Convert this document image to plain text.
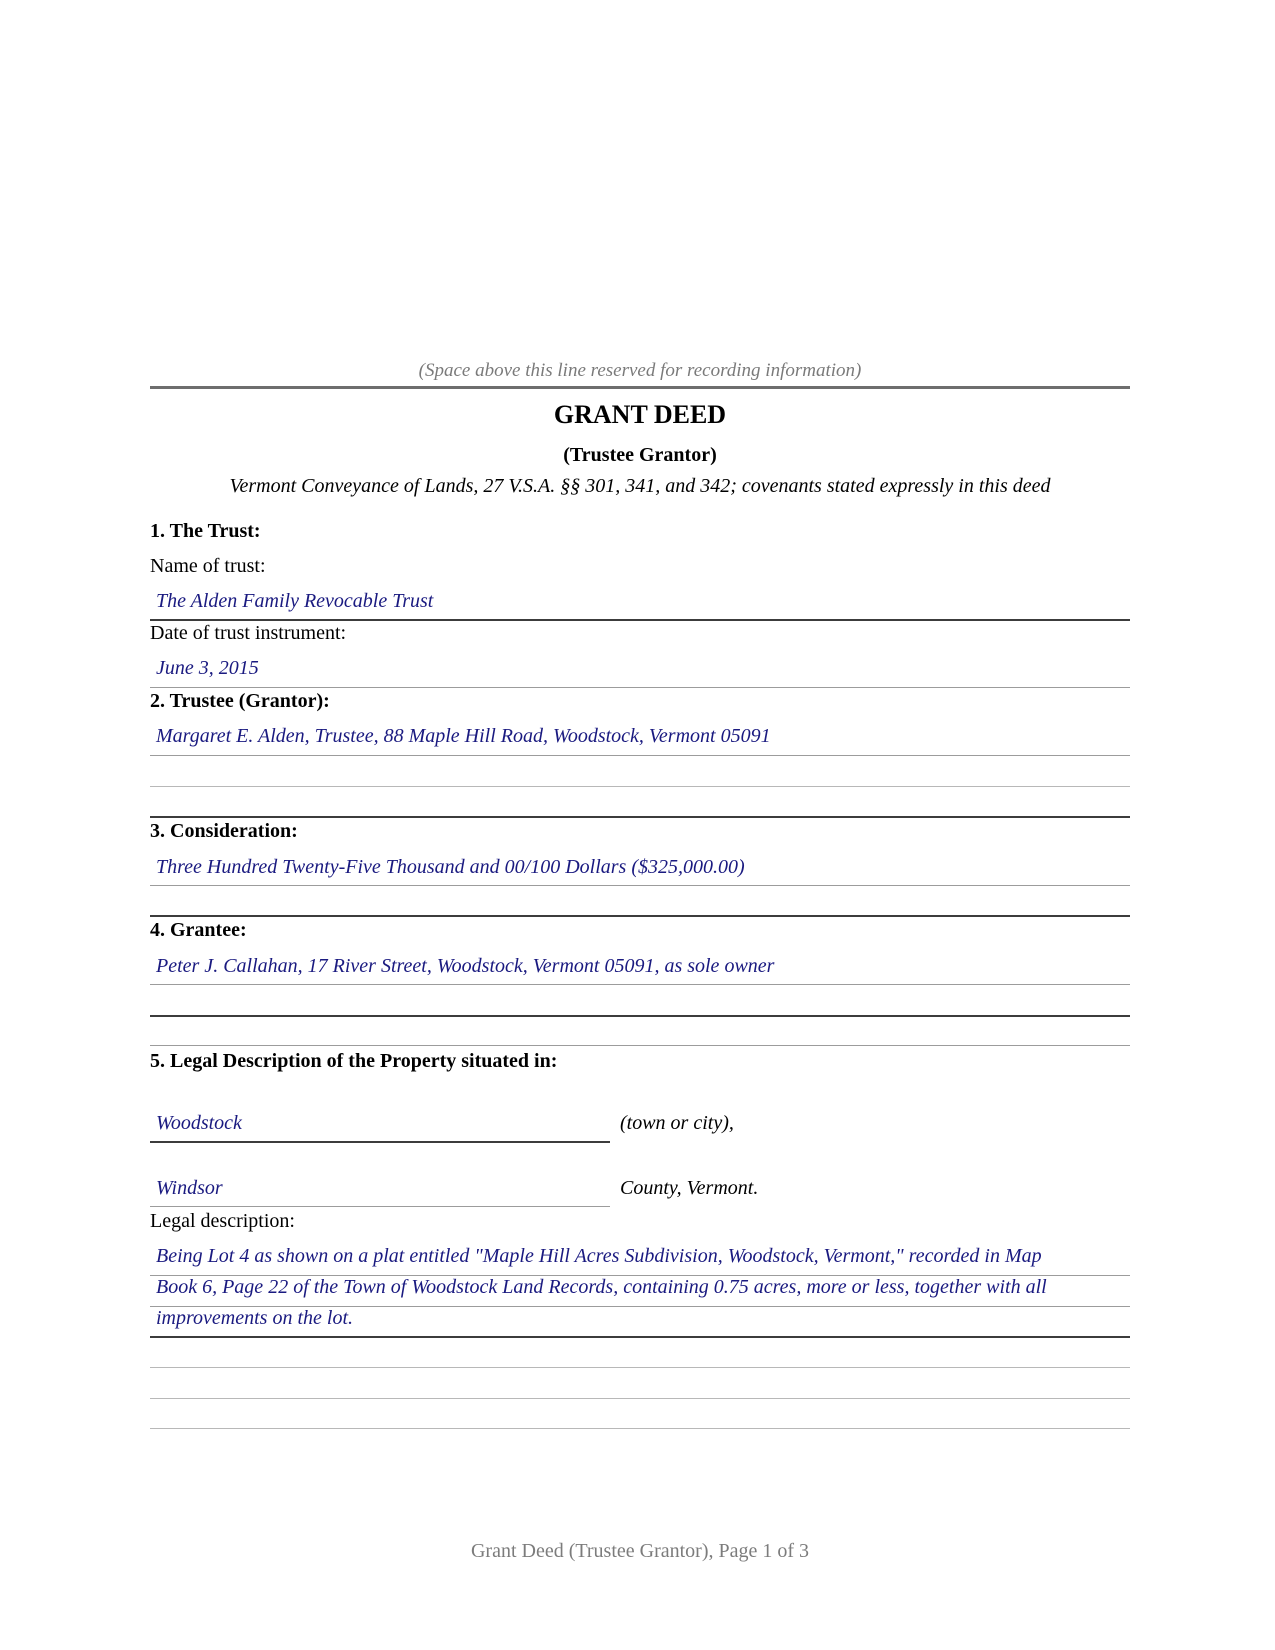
(Space above this line reserved for recording information)
GRANT DEED
(Trustee Grantor)
Vermont Conveyance of Lands, 27 V.S.A. §§ 301, 341, and 342; covenants stated expressly in this deed
1. The Trust:
Name of trust:
The Alden Family Revocable Trust
Date of trust instrument:
June 3, 2015
2. Trustee (Grantor):
Margaret E. Alden, Trustee, 88 Maple Hill Road, Woodstock, Vermont 05091
3. Consideration:
Three Hundred Twenty-Five Thousand and 00/100 Dollars ($325,000.00)
4. Grantee:
Peter J. Callahan, 17 River Street, Woodstock, Vermont 05091, as sole owner
5. Legal Description of the Property situated in:
Woodstock	(town or city),
Windsor	County, Vermont.
Legal description:
Being Lot 4 as shown on a plat entitled "Maple Hill Acres Subdivision, Woodstock, Vermont," recorded in Map
Book 6, Page 22 of the Town of Woodstock Land Records, containing 0.75 acres, more or less, together with all
improvements on the lot.
Grant Deed (Trustee Grantor), Page 1 of 3
